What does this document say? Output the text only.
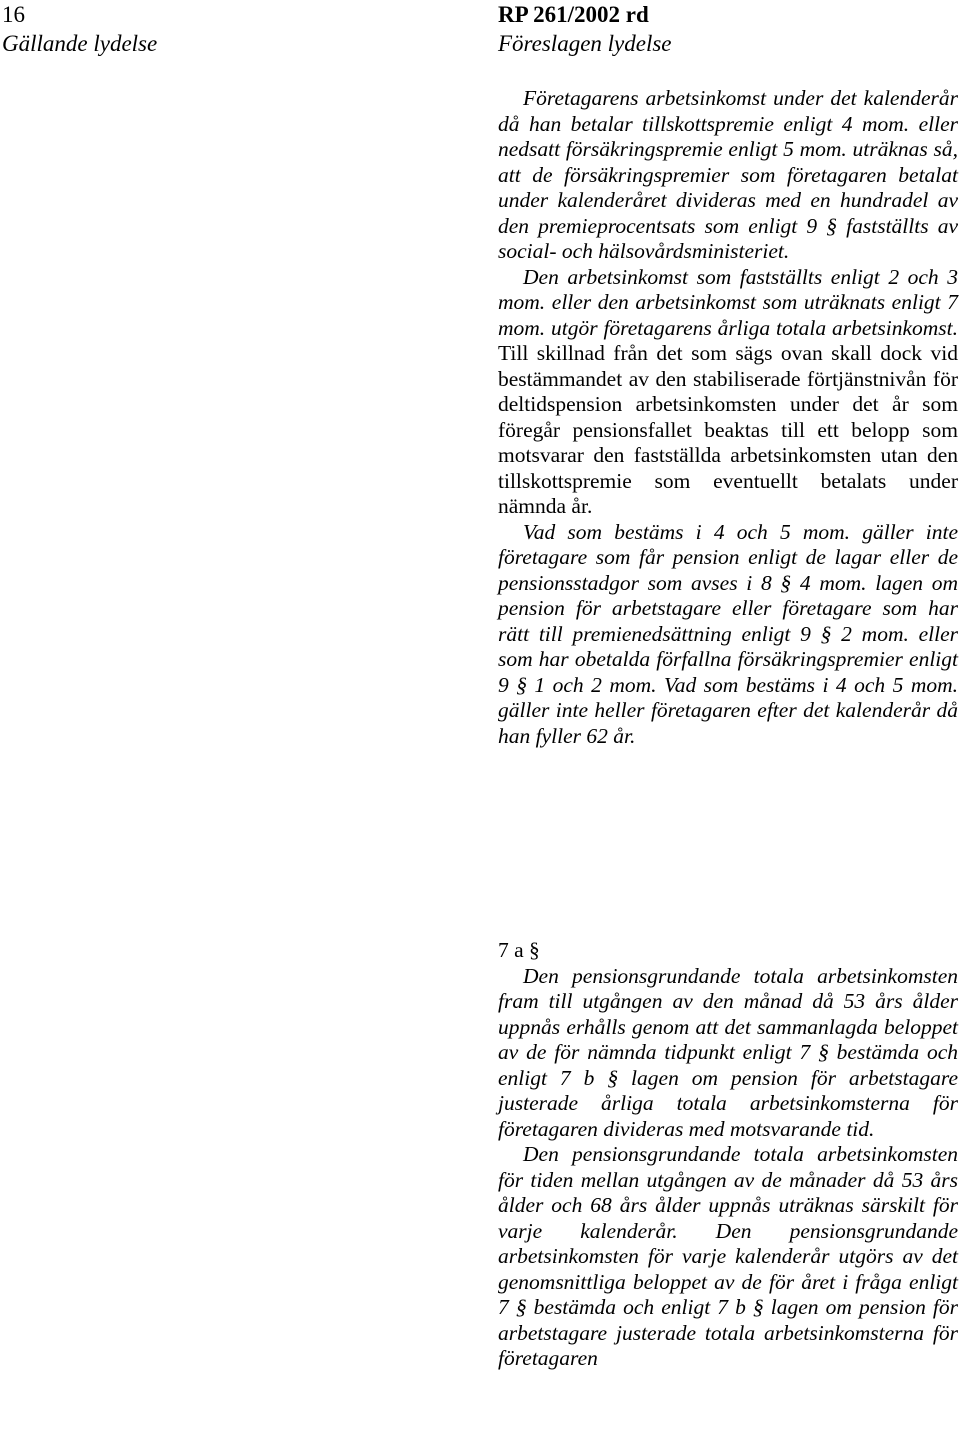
16	RP 261/2002 rd
Gällande lydelse	Föreslagen lydelse

Företagarens arbetsinkomst under det kalenderår då han betalar tillskottspremie enligt 4 mom. eller nedsatt försäkringspremie enligt 5 mom. uträknas så, att de försäkringspremier som företagaren betalat under kalenderåret divideras med en hundradel av den premieprocentsats som enligt 9 § fastställts av social- och hälsovårdsministeriet.

Den arbetsinkomst som fastställts enligt 2 och 3 mom. eller den arbetsinkomst som uträknats enligt 7 mom. utgör företagarens årliga totala arbetsinkomst. Till skillnad från det som sägs ovan skall dock vid bestämmandet av den stabiliserade förtjänstnivån för deltidspension arbetsinkomsten under det år som föregår pensionsfallet beaktas till ett belopp som motsvarar den fastställda arbetsinkomsten utan den tillskottspremie som eventuellt betalats under nämnda år.

Vad som bestäms i 4 och 5 mom. gäller inte företagare som får pension enligt de lagar eller de pensionsstadgor som avses i 8 § 4 mom. lagen om pension för arbetstagare eller företagare som har rätt till premienedsättning enligt 9 § 2 mom. eller som har obetalda förfallna försäkringspremier enligt 9 § 1 och 2 mom. Vad som bestäms i 4 och 5 mom. gäller inte heller företagaren efter det kalenderår då han fyller 62 år.

7 a §

Den pensionsgrundande totala arbetsinkomsten fram till utgången av den månad då 53 års ålder uppnås erhålls genom att det sammanlagda beloppet av de för nämnda tidpunkt enligt 7 § bestämda och enligt 7 b § lagen om pension för arbetstagare justerade årliga totala arbetsinkomsterna för företagaren divideras med motsvarande tid.

Den pensionsgrundande totala arbetsinkomsten för tiden mellan utgången av de månader då 53 års ålder och 68 års ålder uppnås uträknas särskilt för varje kalenderår. Den pensionsgrundande arbetsinkomsten för varje kalenderår utgörs av det genomsnittliga beloppet av de för året i fråga enligt 7 § bestämda och enligt 7 b § lagen om pension för arbetstagare justerade totala arbetsinkomsterna för företagaren
